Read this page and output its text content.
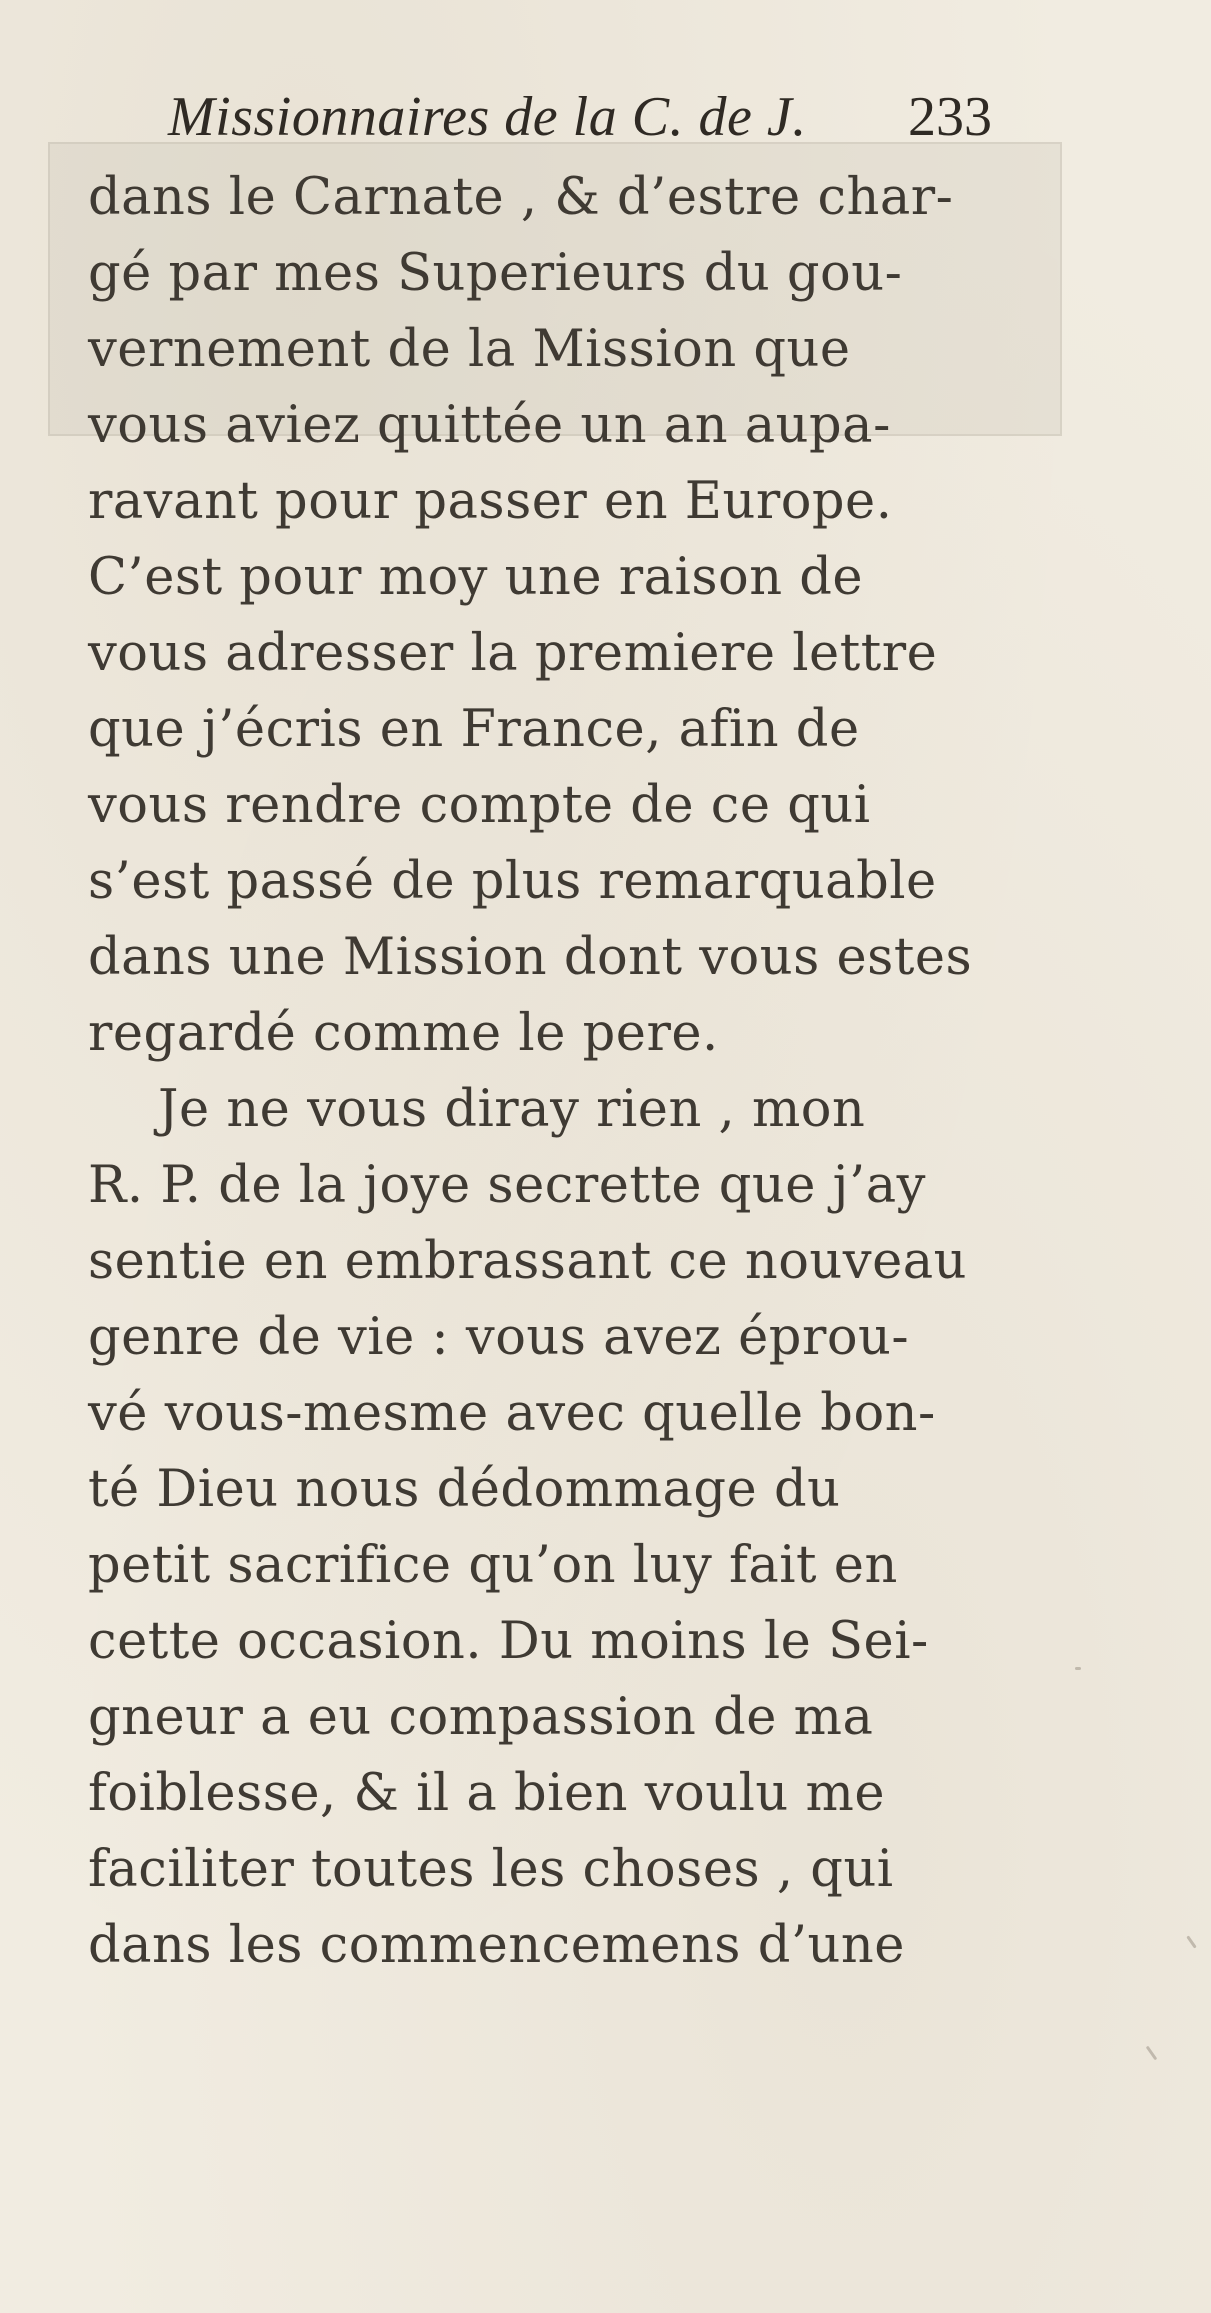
Missionnaires de la C. de J. 233
dans le Carnate , & d’estre char-
gé par mes Superieurs du gou-
vernement de la Mission que
vous aviez quittée un an aupa-
ravant pour passer en Europe.
C’est pour moy une raison de
vous adresser la premiere lettre
que j’écris en France, afin de
vous rendre compte de ce qui
s’est passé de plus remarquable
dans une Mission dont vous estes
regardé comme le pere.
Je ne vous diray rien , mon
R. P. de la joye secrette que j’ay
sentie en embrassant ce nouveau
genre de vie : vous avez éprou-
vé vous-mesme avec quelle bon-
té Dieu nous dédommage du
petit sacrifice qu’on luy fait en
cette occasion. Du moins le Sei-
gneur a eu compassion de ma
foiblesse, & il a bien voulu me
faciliter toutes les choses , qui
dans les commencemens d’une
